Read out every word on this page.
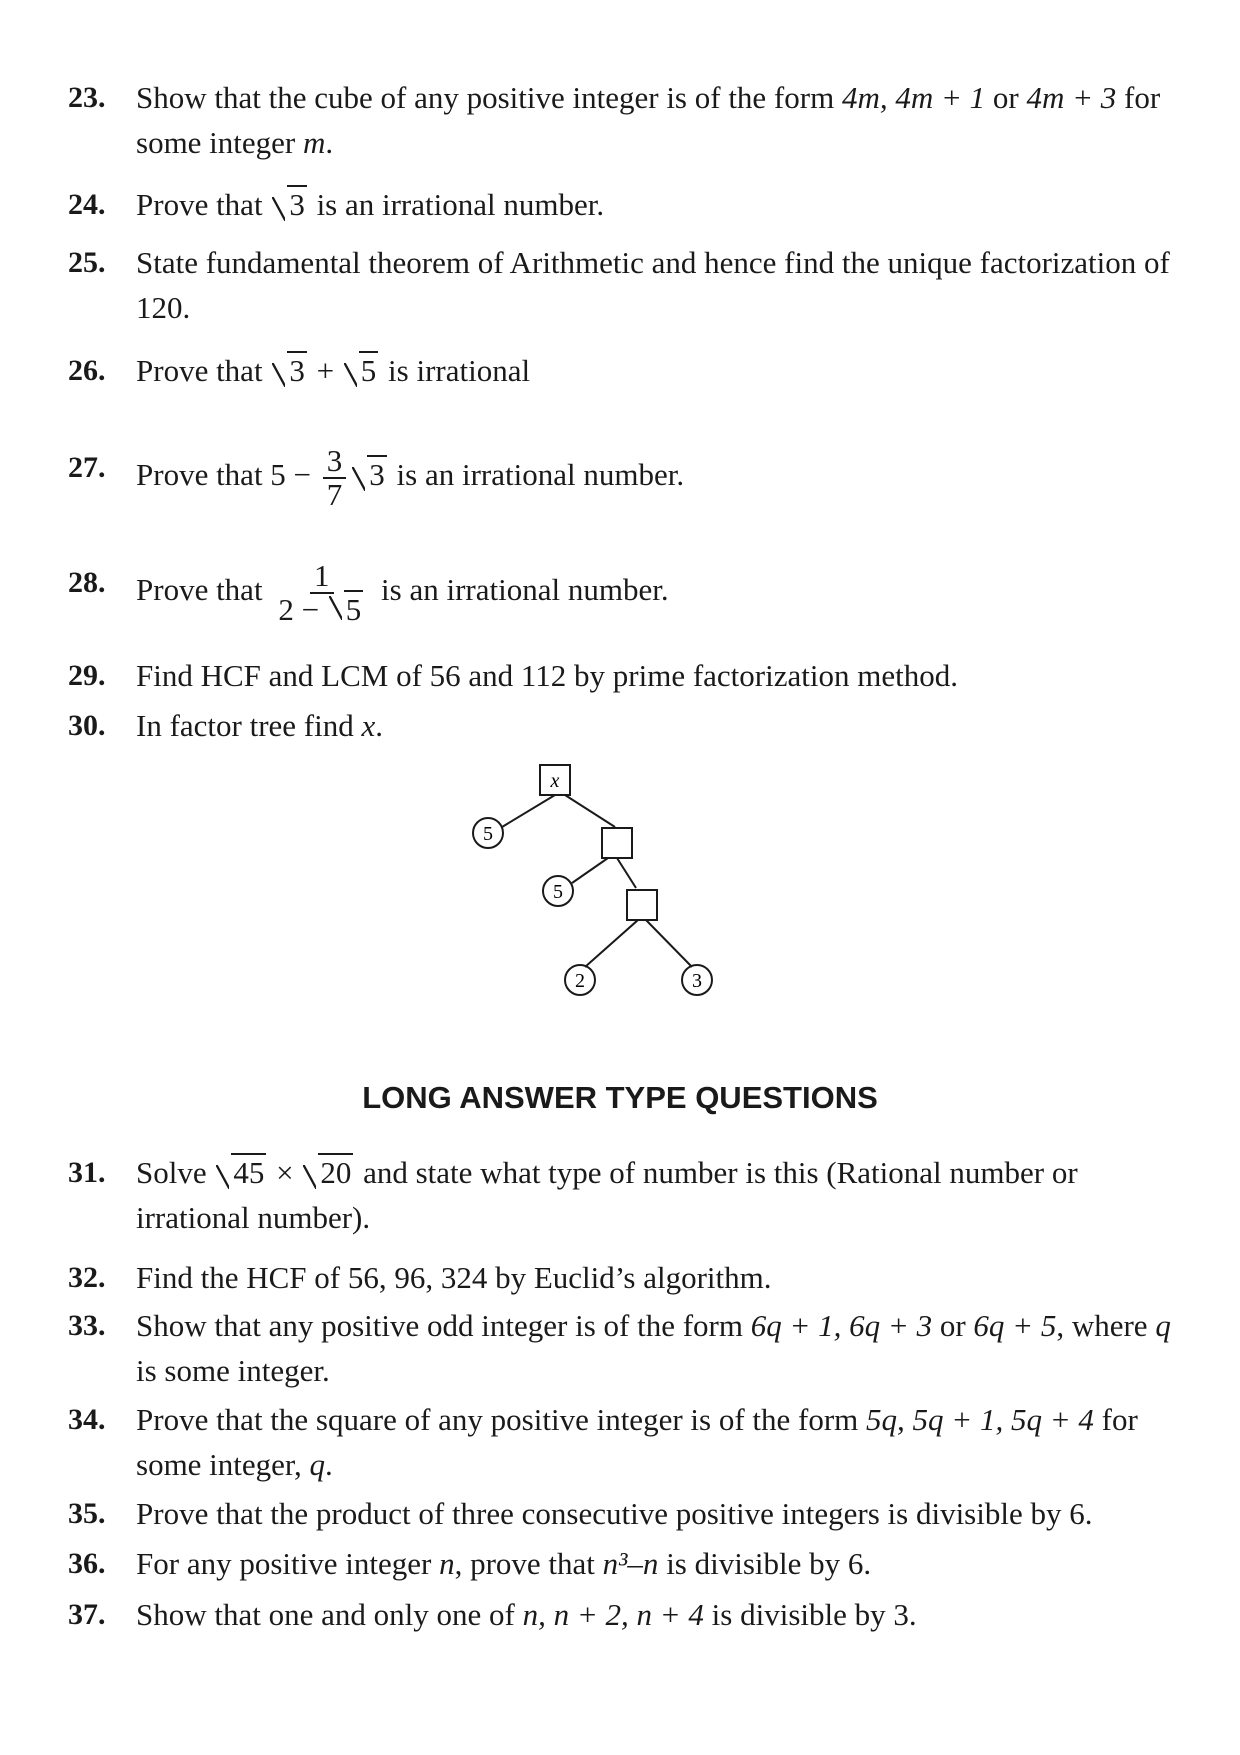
23. Show that the cube of any positive integer is of the form 4m, 4m + 1 or 4m + 3 for some integer m.
24. Prove that 3 is an irrational number.
25. State fundamental theorem of Arithmetic and hence find the unique factorization of 120.
26. Prove that 3 + 5 is irrational
27. Prove that $5 - \frac{3}{7} 3$ is an irrational number.
28. Prove that $\frac{1}{2 - 5}$ is an irrational number.
29. Find HCF and LCM of 56 and 112 by prime factorization method.
30. In factor tree find x.
x
5
5
2	3
LONG ANSWER TYPE QUESTIONS
31. Solve 45 × 20 and state what type of number is this (Rational number or irrational number).
32. Find the HCF of 56, 96, 324 by Euclid’s algorithm.
33. Show that any positive odd integer is of the form 6q + 1, 6q + 3 or 6q + 5, where q is some integer.
34. Prove that the square of any positive integer is of the form 5q, 5q + 1, 5q + 4 for some integer, q.
35. Prove that the product of three consecutive positive integers is divisible by 6.
36. For any positive integer n, prove that n³–n is divisible by 6.
37. Show that one and only one of n, n + 2, n + 4 is divisible by 3.
